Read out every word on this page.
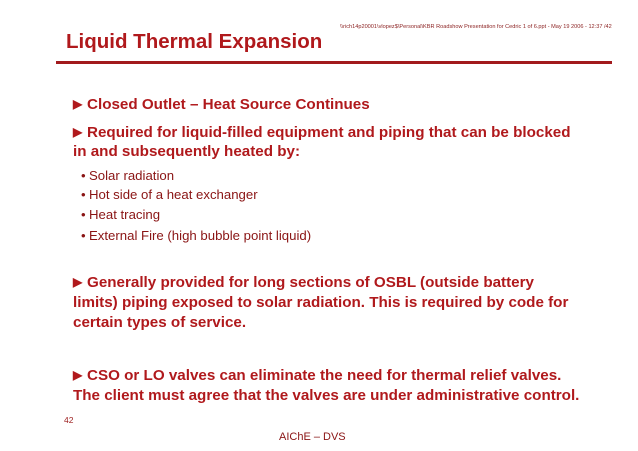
\\rich14p20001\vlopez$\Personal\KBR Roadshow Presentation for Cedric 1 of 6.ppt - May 19 2006 - 12:37 /42
Liquid Thermal Expansion
▶ Closed Outlet – Heat Source Continues
▶ Required for liquid-filled equipment and piping that can be blocked
in and subsequently heated by:
• Solar radiation
• Hot side of a heat exchanger
• Heat tracing
• External Fire (high bubble point liquid)
▶ Generally provided for long sections of OSBL (outside battery
limits) piping exposed to solar radiation. This is required by code for
certain types of service.
▶ CSO or LO valves can eliminate the need for thermal relief valves.
The client must agree that the valves are under administrative control.
42
AIChE – DVS
